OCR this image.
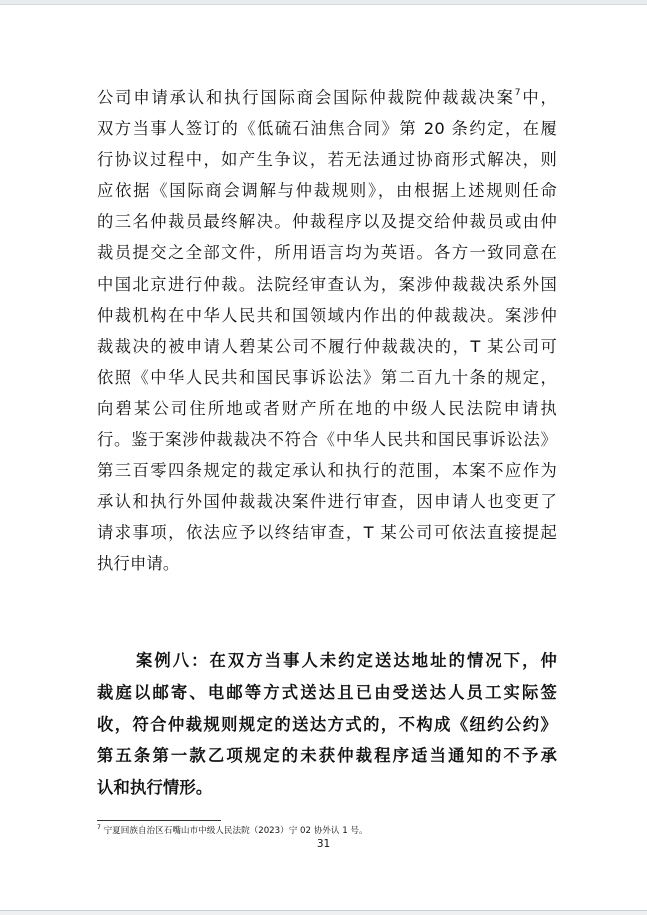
公司申请承认和执行国际商会国际仲裁院仲裁裁决案$^7$中，
双方当事人签订的《低硫石油焦合同》第 20 条约定，在履
行协议过程中，如产生争议，若无法通过协商形式解决，则
应依据《国际商会调解与仲裁规则》，由根据上述规则任命
的三名仲裁员最终解决。仲裁程序以及提交给仲裁员或由仲
裁员提交之全部文件，所用语言均为英语。各方一致同意在
中国北京进行仲裁。法院经审查认为，案涉仲裁裁决系外国
仲裁机构在中华人民共和国领域内作出的仲裁裁决。案涉仲
裁裁决的被申请人碧某公司不履行仲裁裁决的，T 某公司可
依照《中华人民共和国民事诉讼法》第二百九十条的规定，
向碧某公司住所地或者财产所在地的中级人民法院申请执
行。鉴于案涉仲裁裁决不符合《中华人民共和国民事诉讼法》
第三百零四条规定的裁定承认和执行的范围，本案不应作为
承认和执行外国仲裁裁决案件进行审查，因申请人也变更了
请求事项，依法应予以终结审查，T 某公司可依法直接提起
执行申请。
案例八：在双方当事人未约定送达地址的情况下，仲
裁庭以邮寄、电邮等方式送达且已由受送达人员工实际签
收，符合仲裁规则规定的送达方式的，不构成《纽约公约》
第五条第一款乙项规定的未获仲裁程序适当通知的不予承
认和执行情形。
$^7$ 宁夏回族自治区石嘴山市中级人民法院（2023）宁 02 协外认 1 号。
31
